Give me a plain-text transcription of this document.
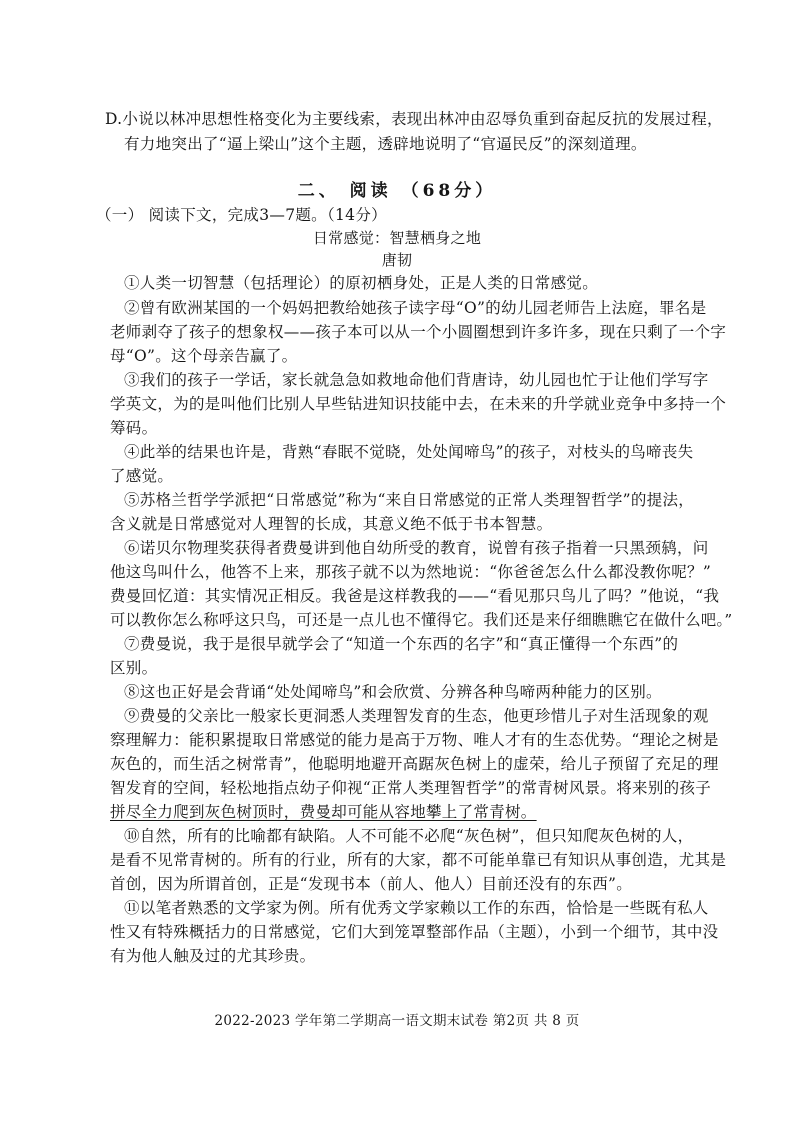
D.小说以林冲思想性格变化为主要线索，表现出林冲由忍辱负重到奋起反抗的发展过程，

有力地突出了“逼上梁山”这个主题，透辟地说明了“官逼民反”的深刻道理。

二、 阅读 （68分）

（一） 阅读下文，完成3—7题。（14分）

日常感觉：智慧栖身之地

唐韧

①人类一切智慧（包括理论）的原初栖身处，正是人类的日常感觉。

②曾有欧洲某国的一个妈妈把教给她孩子读字母“O”的幼儿园老师告上法庭，罪名是

老师剥夺了孩子的想象权——孩子本可以从一个小圆圈想到许多许多，现在只剩了一个字

母“O”。这个母亲告赢了。

③我们的孩子一学话，家长就急急如救地命他们背唐诗，幼儿园也忙于让他们学写字

学英文，为的是叫他们比别人早些钻进知识技能中去，在未来的升学就业竞争中多持一个

筹码。

④此举的结果也许是，背熟“春眠不觉晓，处处闻啼鸟”的孩子，对枝头的鸟啼丧失

了感觉。

⑤苏格兰哲学学派把“日常感觉”称为“来自日常感觉的正常人类理智哲学”的提法，

含义就是日常感觉对人理智的长成，其意义绝不低于书本智慧。

⑥诺贝尔物理奖获得者费曼讲到他自幼所受的教育，说曾有孩子指着一只黑颈鸫，问

他这鸟叫什么，他答不上来，那孩子就不以为然地说：“你爸爸怎么什么都没教你呢？”

费曼回忆道：其实情况正相反。我爸是这样教我的——“看见那只鸟儿了吗？”他说，“我

可以教你怎么称呼这只鸟，可还是一点儿也不懂得它。我们还是来仔细瞧瞧它在做什么吧。”

⑦费曼说，我于是很早就学会了“知道一个东西的名字”和“真正懂得一个东西”的

区别。

⑧这也正好是会背诵“处处闻啼鸟”和会欣赏、分辨各种鸟啼两种能力的区别。

⑨费曼的父亲比一般家长更洞悉人类理智发育的生态，他更珍惜儿子对生活现象的观

察理解力：能积累提取日常感觉的能力是高于万物、唯人才有的生态优势。“理论之树是

灰色的，而生活之树常青”，他聪明地避开高踞灰色树上的虚荣，给儿子预留了充足的理

智发育的空间，轻松地指点幼子仰视“正常人类理智哲学”的常青树风景。将来别的孩子

拼尽全力爬到灰色树顶时，费曼却可能从容地攀上了常青树。

⑩自然，所有的比喻都有缺陷。人不可能不必爬“灰色树”，但只知爬灰色树的人，

是看不见常青树的。所有的行业，所有的大家，都不可能单靠已有知识从事创造，尤其是

首创，因为所谓首创，正是“发现书本（前人、他人）目前还没有的东西”。

⑪以笔者熟悉的文学家为例。所有优秀文学家赖以工作的东西，恰恰是一些既有私人

性又有特殊概括力的日常感觉，它们大到笼罩整部作品（主题），小到一个细节，其中没

有为他人触及过的尤其珍贵。

2022-2023 学年第二学期高一语文期末试卷 第2页 共 8 页
